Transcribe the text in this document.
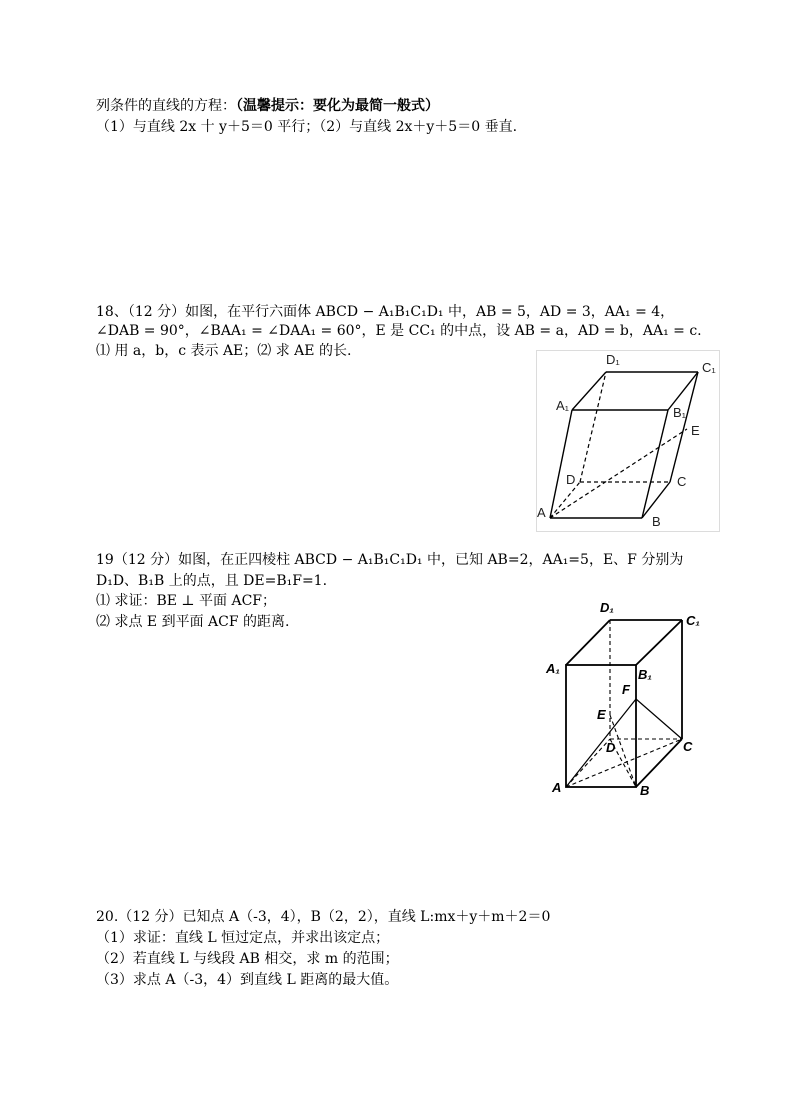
列条件的直线的方程：（温馨提示：要化为最简一般式）
（1）与直线 2x 十 y＋5＝0 平行；（2）与直线 2x＋y＋5＝0 垂直.
18、（12 分）如图，在平行六面体 ABCD − A₁B₁C₁D₁ 中，AB = 5，AD = 3，AA₁ = 4，
∠DAB = 90°，∠BAA₁ = ∠DAA₁ = 60°，E 是 CC₁ 的中点，设 AB = a，AD = b，AA₁ = c.
⑴ 用 a，b，c 表示 AE；⑵ 求 AE 的长.
A
B
C
D
E
A₁	B₁
C₁
D₁
19（12 分）如图，在正四棱柱 ABCD − A₁B₁C₁D₁ 中，已知 AB=2，AA₁=5，E、F 分别为
D₁D、B₁B 上的点，且 DE=B₁F=1.
⑴ 求证：BE ⊥ 平面 ACF；
⑵ 求点 E 到平面 ACF 的距离.
A	B
C
D
E
F
A₁	B₁
C₁
D₁
20.（12 分）已知点 A（-3，4），B（2，2），直线 L:mx＋y＋m＋2＝0
（1）求证：直线 L 恒过定点，并求出该定点；
（2）若直线 L 与线段 AB 相交，求 m 的范围；
（3）求点 A（-3，4）到直线 L 距离的最大值。
